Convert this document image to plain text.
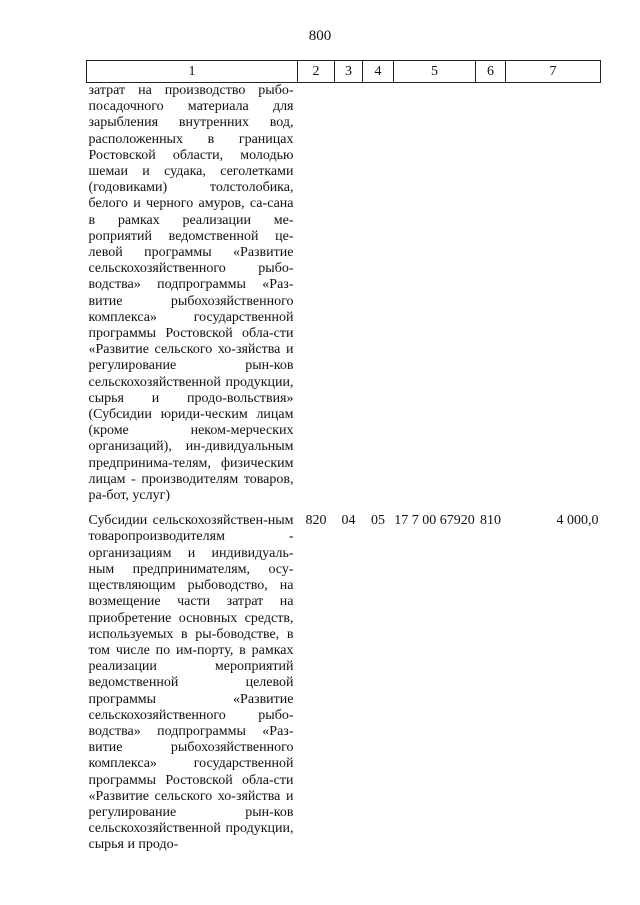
800
1	2	3	4	5	6	7
затрат на производство рыбо-посадочного материала для зарыбления внутренних вод, расположенных в границах Ростовской области, молодью шемаи и судака, сеголетками (годовиками) толстолобика, белого и черного амуров, са-сана в рамках реализации ме-роприятий ведомственной це-левой программы «Развитие сельскохозяйственного рыбо-водства» подпрограммы «Раз-витие рыбохозяйственного комплекса» государственной программы Ростовской обла-сти «Развитие сельского хо-зяйства и регулирование рын-ков сельскохозяйственной продукции, сырья и продо-вольствия» (Субсидии юриди-ческим лицам (кроме неком-мерческих организаций), ин-дивидуальным предпринима-телям, физическим лицам - производителям товаров, ра-бот, услуг)						
Субсидии сельскохозяйствен-ным товаропроизводителям - организациям и индивидуаль-ным предпринимателям, осу-ществляющим рыбоводство, на возмещение части затрат на приобретение основных средств, используемых в ры-боводстве, в том числе по им-порту, в рамках реализации мероприятий ведомственной целевой программы «Развитие сельскохозяйственного рыбо-водства» подпрограммы «Раз-витие рыбохозяйственного комплекса» государственной программы Ростовской обла-сти «Развитие сельского хо-зяйства и регулирование рын-ков сельскохозяйственной продукции, сырья и продо-	820	04	05	17 7 00 67920	810	4 000,0
